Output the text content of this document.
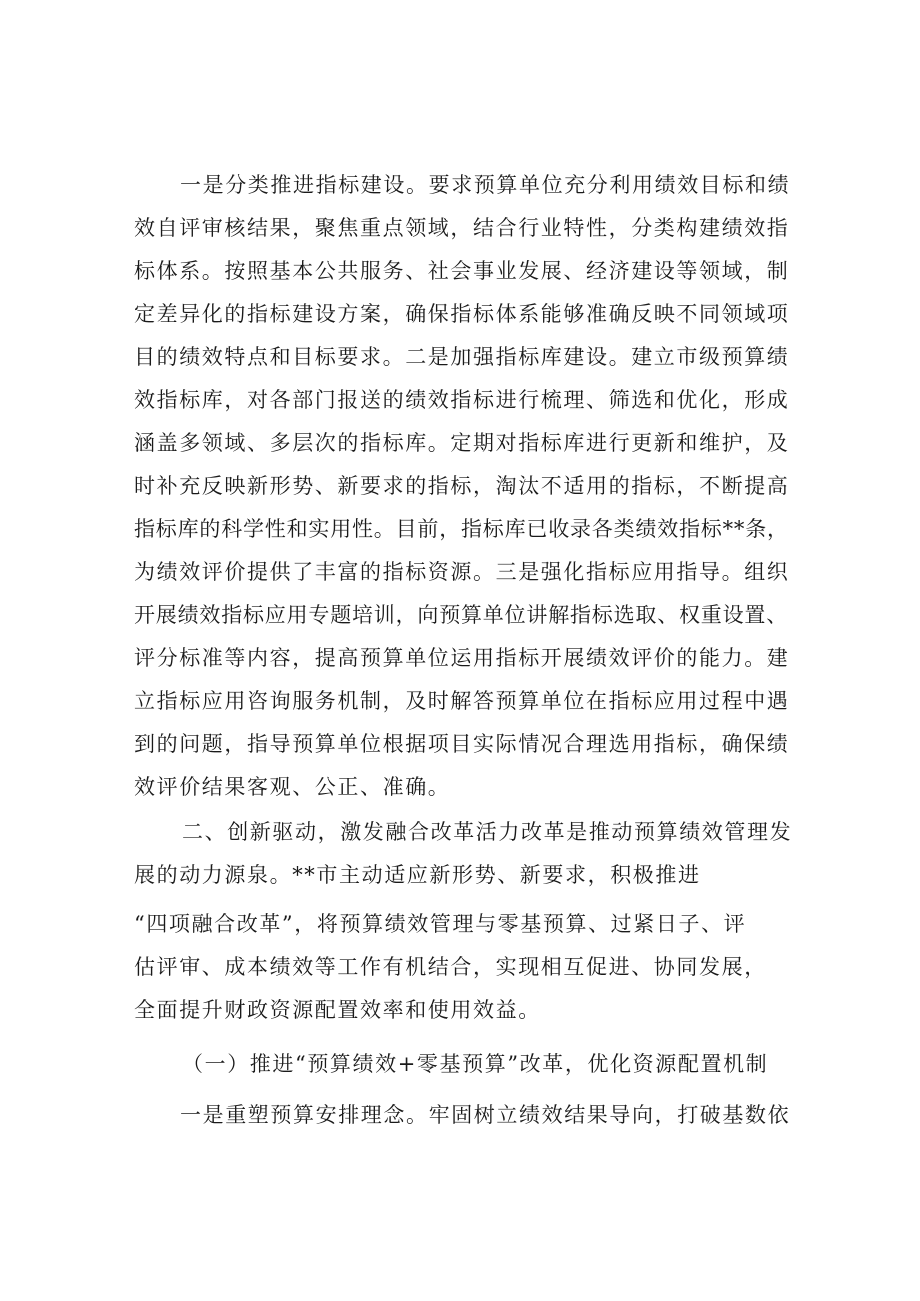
一是分类推进指标建设。要求预算单位充分利用绩效目标和绩
效自评审核结果，聚焦重点领域，结合行业特性，分类构建绩效指
标体系。按照基本公共服务、社会事业发展、经济建设等领域，制
定差异化的指标建设方案，确保指标体系能够准确反映不同领域项
目的绩效特点和目标要求。二是加强指标库建设。建立市级预算绩
效指标库，对各部门报送的绩效指标进行梳理、筛选和优化，形成
涵盖多领域、多层次的指标库。定期对指标库进行更新和维护，及
时补充反映新形势、新要求的指标，淘汰不适用的指标，不断提高
指标库的科学性和实用性。目前，指标库已收录各类绩效指标**条，
为绩效评价提供了丰富的指标资源。三是强化指标应用指导。组织
开展绩效指标应用专题培训，向预算单位讲解指标选取、权重设置、
评分标准等内容，提高预算单位运用指标开展绩效评价的能力。建
立指标应用咨询服务机制，及时解答预算单位在指标应用过程中遇
到的问题，指导预算单位根据项目实际情况合理选用指标，确保绩
效评价结果客观、公正、准确。
二、创新驱动，激发融合改革活力改革是推动预算绩效管理发
展的动力源泉。**市主动适应新形势、新要求，积极推进
“四项融合改革”，将预算绩效管理与零基预算、过紧日子、评
估评审、成本绩效等工作有机结合，实现相互促进、协同发展，
全面提升财政资源配置效率和使用效益。
（一）推进“预算绩效+零基预算”改革，优化资源配置机制
一是重塑预算安排理念。牢固树立绩效结果导向，打破基数依
